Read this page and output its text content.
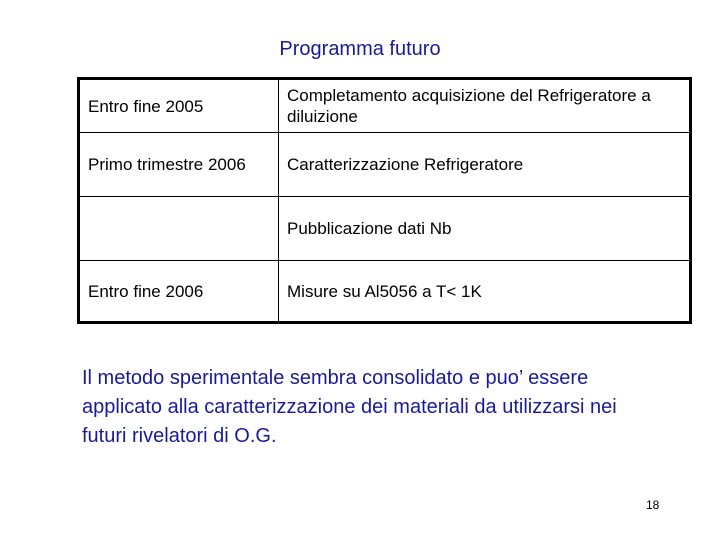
Programma futuro
Entro fine 2005	Completamento acquisizione del Refrigeratore a diluizione
Primo trimestre 2006	Caratterizzazione Refrigeratore
	Pubblicazione dati Nb
Entro fine 2006	Misure su Al5056 a T< 1K
Il metodo sperimentale sembra consolidato e puo’ essere applicato alla caratterizzazione dei materiali da utilizzarsi nei futuri rivelatori di O.G.
18
